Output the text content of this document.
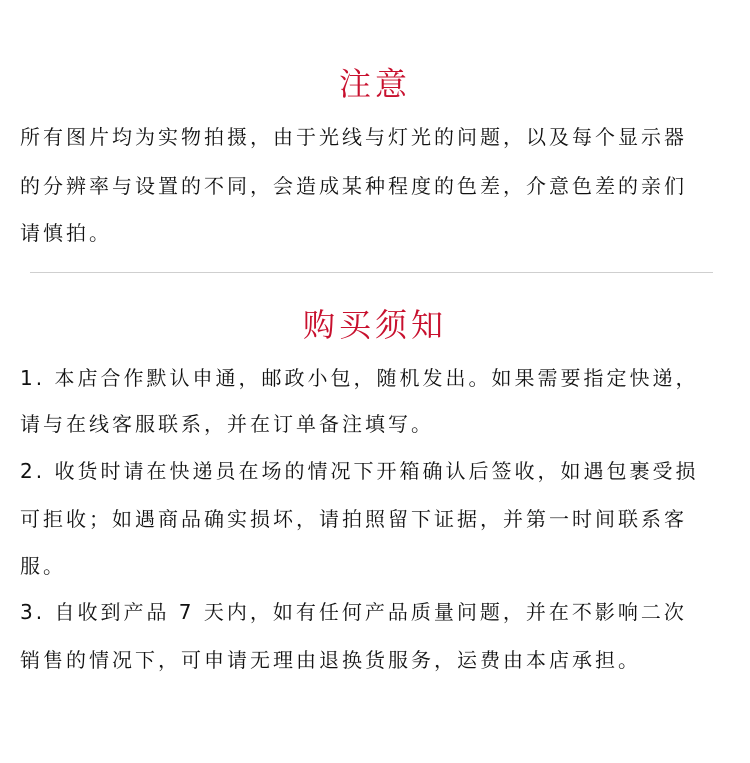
注意
所有图片均为实物拍摄，由于光线与灯光的问题，以及每个显示器
的分辨率与设置的不同，会造成某种程度的色差，介意色差的亲们
请慎拍。
购买须知
1. 本店合作默认申通，邮政小包，随机发出。如果需要指定快递，
请与在线客服联系，并在订单备注填写。
2. 收货时请在快递员在场的情况下开箱确认后签收，如遇包裹受损
可拒收；如遇商品确实损坏，请拍照留下证据，并第一时间联系客
服。
3. 自收到产品 7 天内，如有任何产品质量问题，并在不影响二次
销售的情况下，可申请无理由退换货服务，运费由本店承担。
